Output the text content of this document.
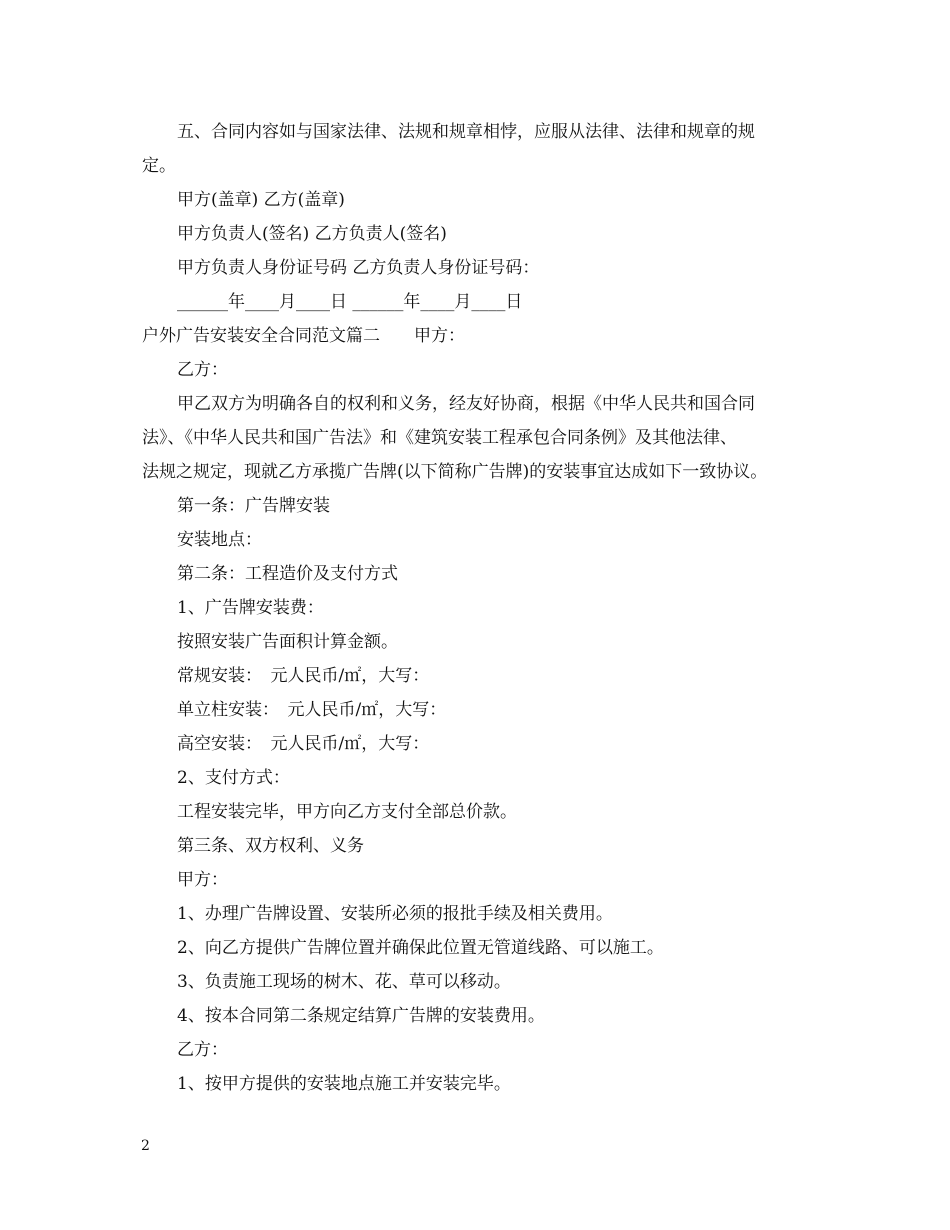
五、合同内容如与国家法律、法规和规章相悖，应服从法律、法律和规章的规
定。
甲方(盖章) 乙方(盖章)
甲方负责人(签名) 乙方负责人(签名)
甲方负责人身份证号码 乙方负责人身份证号码：
______年____月____日 ______年____月____日
户外广告安装安全合同范文篇二　　甲方：
乙方：
甲乙双方为明确各自的权利和义务，经友好协商，根据《中华人民共和国合同
法》、《中华人民共和国广告法》和《建筑安装工程承包合同条例》及其他法律、
法规之规定，现就乙方承揽广告牌(以下简称广告牌)的安装事宜达成如下一致协议。
第一条：广告牌安装
安装地点：
第二条：工程造价及支付方式
1、广告牌安装费：
按照安装广告面积计算金额。
常规安装：　元人民币/㎡，大写：
单立柱安装：　元人民币/㎡，大写：
高空安装：　元人民币/㎡，大写：
2、支付方式：
工程安装完毕，甲方向乙方支付全部总价款。
第三条、双方权利、义务
甲方：
1、办理广告牌设置、安装所必须的报批手续及相关费用。
2、向乙方提供广告牌位置并确保此位置无管道线路、可以施工。
3、负责施工现场的树木、花、草可以移动。
4、按本合同第二条规定结算广告牌的安装费用。
乙方：
1、按甲方提供的安装地点施工并安装完毕。
2
